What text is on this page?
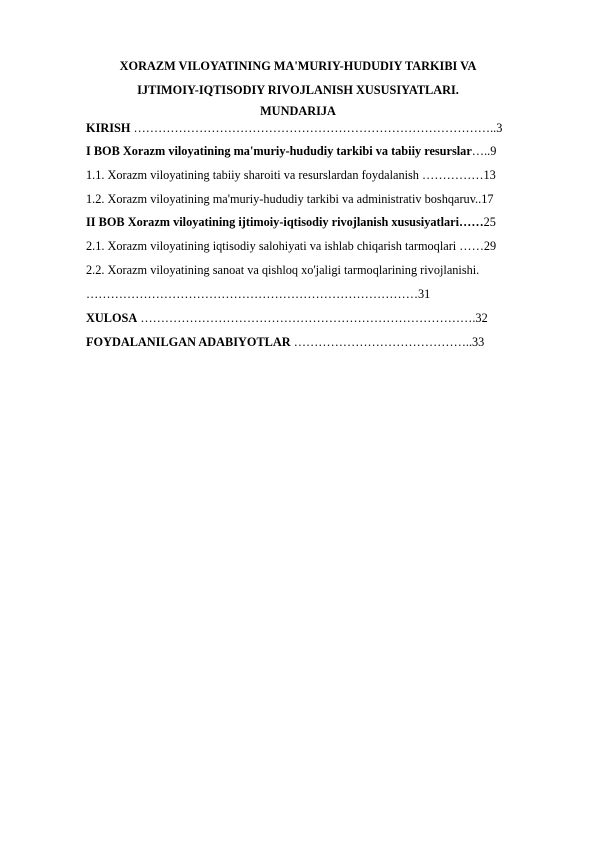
XORAZM VILOYATINING MA'MURIY-HUDUDIY TARKIBI VA
IJTIMOIY-IQTISODIY RIVOJLANISH XUSUSIYATLARI.
MUNDARIJA
KIRISH ……………………………………………………………………………..3
I BOB Xorazm viloyatining ma'muriy-hududiy tarkibi va tabiiy resurslar…..9
1.1. Xorazm viloyatining tabiiy sharoiti va resurslardan foydalanish ……………13
1.2. Xorazm viloyatining ma'muriy-hududiy tarkibi va administrativ boshqaruv..17
II BOB Xorazm viloyatining ijtimoiy-iqtisodiy rivojlanish xususiyatlari……25
2.1. Xorazm viloyatining iqtisodiy salohiyati va ishlab chiqarish tarmoqlari ……29
2.2. Xorazm viloyatining sanoat va qishloq xo'jaligi tarmoqlarining rivojlanishi.
………………………………………………………………………31
XULOSA ……………………………………………………………………….32
FOYDALANILGAN ADABIYOTLAR ……………………………………..33
